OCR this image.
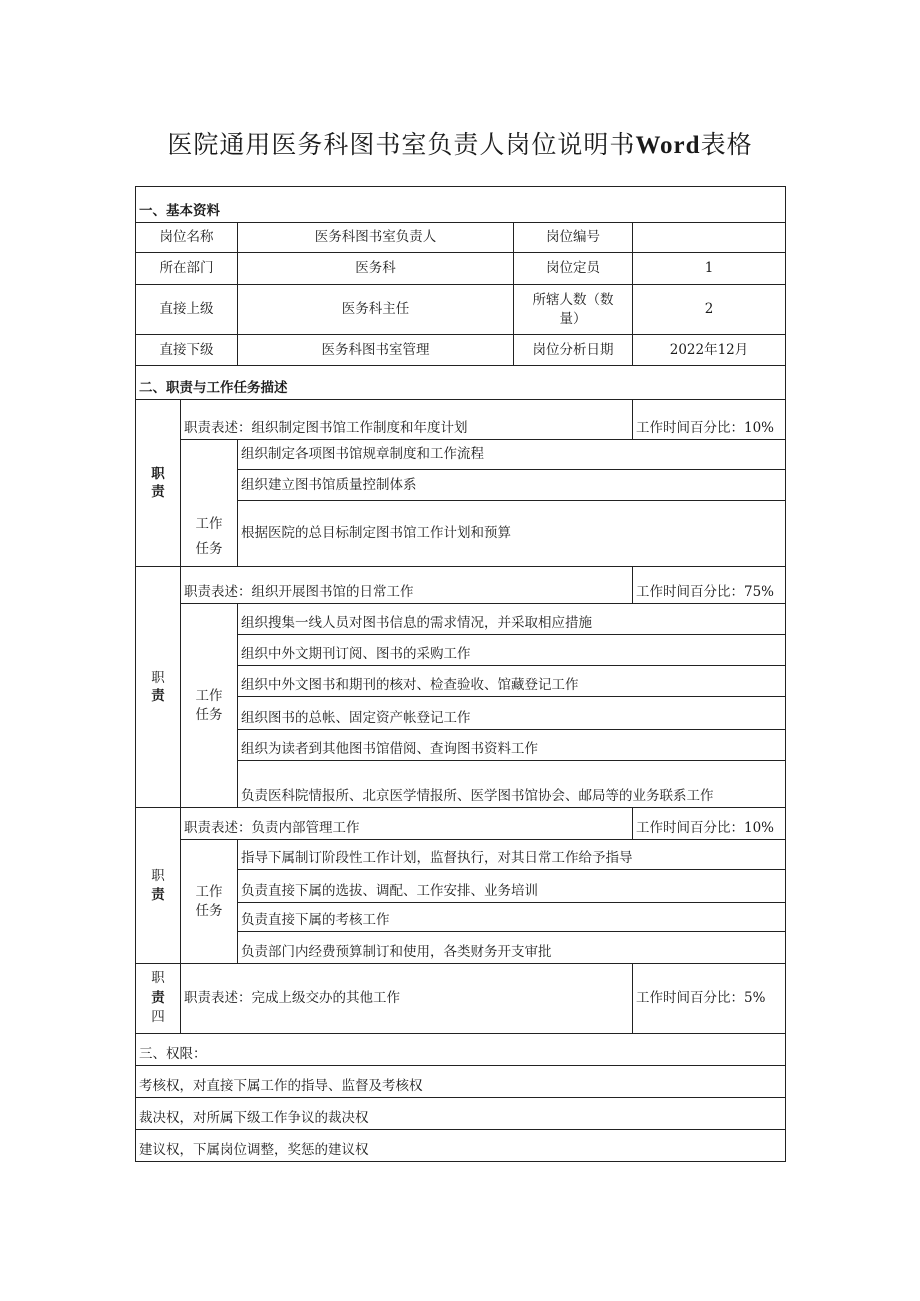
医院通用医务科图书室负责人岗位说明书Word表格
一、基本资料				
岗位名称		医务科图书室负责人	岗位编号	
所在部门		医务科	岗位定员	1
直接上级		医务科主任	所辖人数（数量）	2
直接下级		医务科图书室管理	岗位分析日期	2022年12月
二、职责与工作任务描述				

职
责	职责表述：组织制定图书馆工作制度和年度计划			工作时间百分比：10%

	工作
任务	组织制定各项图书馆规章制度和工作流程		
		组织建立图书馆质量控制体系		
		根据医院的总目标制定图书馆工作计划和预算		

职
责	职责表述：组织开展图书馆的日常工作			工作时间百分比：75%

	工作
任务	组织搜集一线人员对图书信息的需求情况，并采取相应措施		
		组织中外文期刊订阅、图书的采购工作		
		组织中外文图书和期刊的核对、检查验收、馆藏登记工作		
		组织图书的总帐、固定资产帐登记工作		
		组织为读者到其他图书馆借阅、查询图书资料工作		
		负责医科院情报所、北京医学情报所、医学图书馆协会、邮局等的业务联系工作		

职
责	职责表述：负责内部管理工作			工作时间百分比：10%

	工作
任务	指导下属制订阶段性工作计划，监督执行，对其日常工作给予指导		
		负责直接下属的选拔、调配、工作安排、业务培训		
		负责直接下属的考核工作		
		负责部门内经费预算制订和使用，各类财务开支审批		

职
责
四	职责表述：完成上级交办的其他工作			工作时间百分比：5%
三、权限：				
考核权，对直接下属工作的指导、监督及考核权				
裁决权，对所属下级工作争议的裁决权				
建议权，下属岗位调整，奖惩的建议权				
